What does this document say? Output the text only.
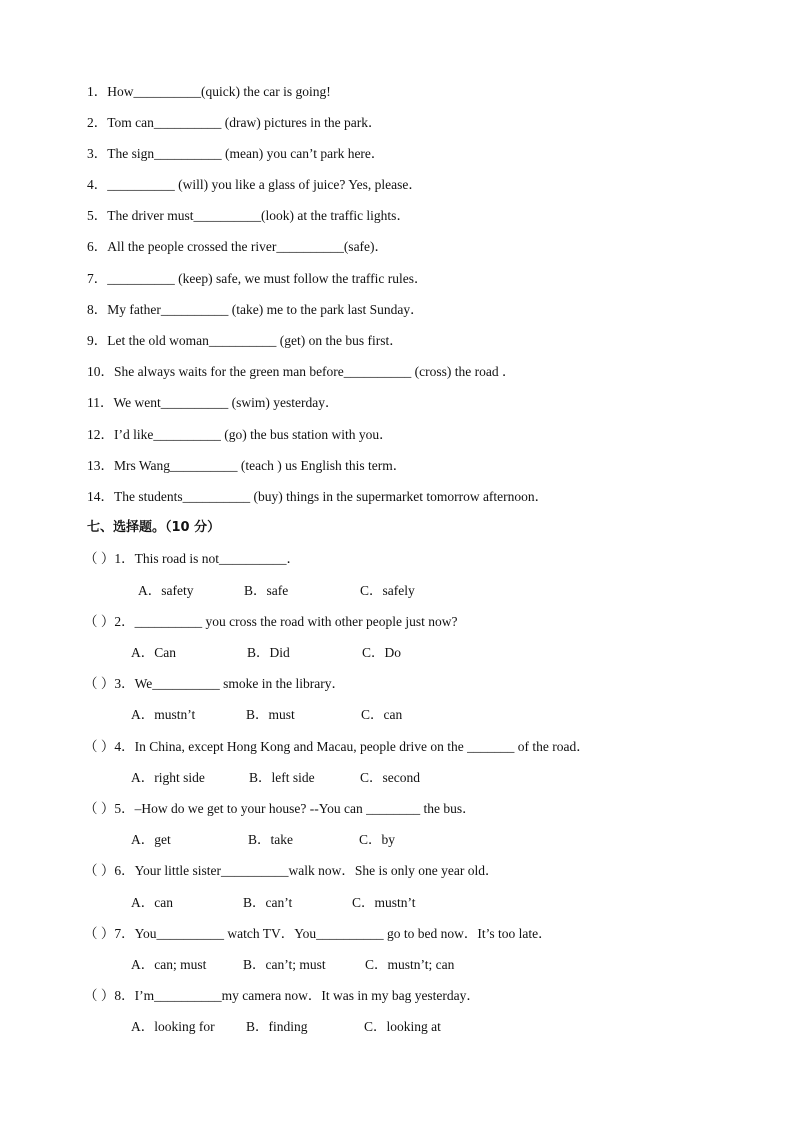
1．How__________(quick) the car is going!
2．Tom can__________ (draw) pictures in the park．
3．The sign__________ (mean) you can’t park here．
4．__________ (will) you like a glass of juice? Yes, please．
5．The driver must__________(look) at the traffic lights．
6．All the people crossed the river__________(safe)．
7．__________ (keep) safe, we must follow the traffic rules．
8．My father__________ (take) me to the park last Sunday．
9．Let the old woman__________ (get) on the bus first．
10．She always waits for the green man before__________ (cross) the road ．
11．We went__________ (swim) yesterday．
12．I’d like__________ (go) the bus station with you．
13．Mrs Wang__________ (teach ) us English this term．
14．The students__________ (buy) things in the supermarket tomorrow afternoon．
七、选择题。（10 分）
（ ）1．This road is not__________．
A．safety	B．safe	C．safely
（ ）2．__________ you cross the road with other people just now?
A．Can	B．Did	C．Do
（ ）3．We__________ smoke in the library．
A．mustn’t	B．must	C．can
（ ）4．In China, except Hong Kong and Macau, people drive on the _______ of the road．
A．right side	B．left side	C．second
（ ）5．–How do we get to your house? --You can ________ the bus．
A．get	B．take	C．by
（ ）6．Your little sister__________walk now．She is only one year old．
A．can	B．can’t	C．mustn’t
（ ）7．You__________ watch TV．You__________ go to bed now．It’s too late．
A．can; must	B．can’t; must	C．mustn’t; can
（ ）8．I’m__________my camera now．It was in my bag yesterday．
A．looking for B．finding	C．looking at
